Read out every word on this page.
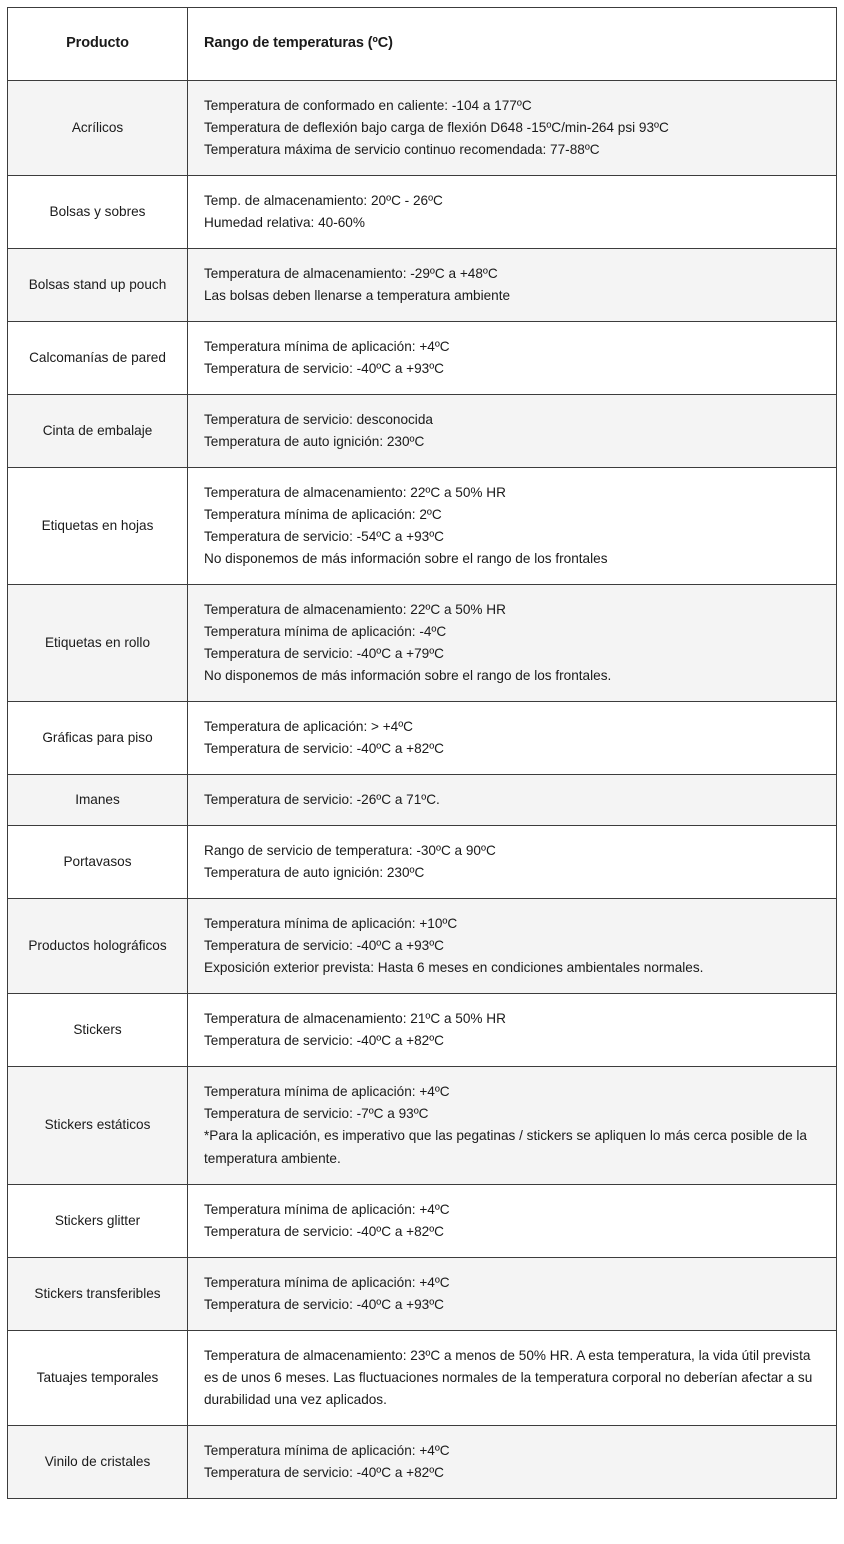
Producto	Rango de temperaturas (ºC)
Acrílicos	Temperatura de conformado en caliente: -104 a 177ºC
Temperatura de deflexión bajo carga de flexión D648 -15ºC/min-264 psi 93ºC
Temperatura máxima de servicio continuo recomendada: 77-88ºC

Bolsas y sobres	Temp. de almacenamiento: 20ºC - 26ºC
Humedad relativa: 40-60%

Bolsas stand up pouch	Temperatura de almacenamiento: -29ºC a +48ºC
Las bolsas deben llenarse a temperatura ambiente

Calcomanías de pared	Temperatura mínima de aplicación: +4ºC
Temperatura de servicio: -40ºC a +93ºC

Cinta de embalaje	Temperatura de servicio: desconocida
Temperatura de auto ignición: 230ºC

Etiquetas en hojas	Temperatura de almacenamiento: 22ºC a 50% HR
Temperatura mínima de aplicación: 2ºC
Temperatura de servicio: -54ºC a +93ºC
No disponemos de más información sobre el rango de los frontales

Etiquetas en rollo	Temperatura de almacenamiento: 22ºC a 50% HR
Temperatura mínima de aplicación: -4ºC
Temperatura de servicio: -40ºC a +79ºC
No disponemos de más información sobre el rango de los frontales.

Gráficas para piso	Temperatura de aplicación: > +4ºC
Temperatura de servicio: -40ºC a +82ºC

Imanes	Temperatura de servicio: -26ºC a 71ºC.

Portavasos	Rango de servicio de temperatura: -30ºC a 90ºC
Temperatura de auto ignición: 230ºC

Productos holográficos	Temperatura mínima de aplicación: +10ºC
Temperatura de servicio: -40ºC a +93ºC
Exposición exterior prevista: Hasta 6 meses en condiciones ambientales normales.

Stickers	Temperatura de almacenamiento: 21ºC a 50% HR
Temperatura de servicio: -40ºC a +82ºC

Stickers estáticos	Temperatura mínima de aplicación: +4ºC
Temperatura de servicio: -7ºC a 93ºC
*Para la aplicación, es imperativo que las pegatinas / stickers se apliquen lo más cerca posible de la temperatura ambiente.

Stickers glitter	Temperatura mínima de aplicación: +4ºC
Temperatura de servicio: -40ºC a +82ºC

Stickers transferibles	Temperatura mínima de aplicación: +4ºC
Temperatura de servicio: -40ºC a +93ºC

Tatuajes temporales	Temperatura de almacenamiento: 23ºC a menos de 50% HR. A esta temperatura, la vida útil prevista es de unos 6 meses. Las fluctuaciones normales de la temperatura corporal no deberían afectar a su durabilidad una vez aplicados.

Vinilo de cristales	Temperatura mínima de aplicación: +4ºC
Temperatura de servicio: -40ºC a +82ºC
